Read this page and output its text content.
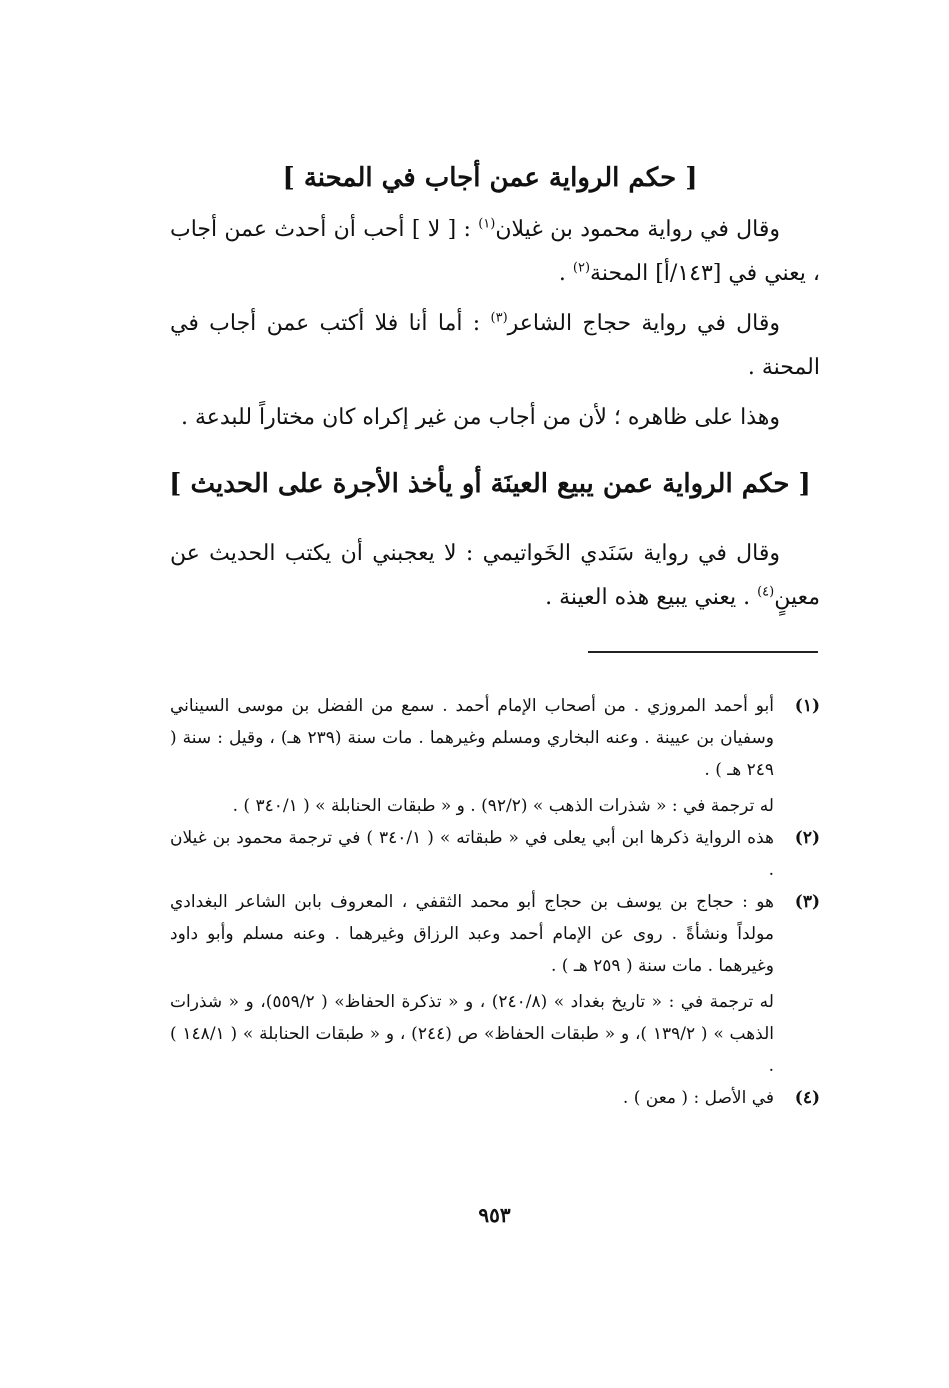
[ حكم الرواية عمن أجاب في المحنة ]
وقال في رواية محمود بن غيلان$^{(١)}$ : [ لا ] أحب أن أحدث عمن أجاب ، يعني في [١٤٣/أ] المحنة$^{(٢)}$ .
وقال في رواية حجاج الشاعر$^{(٣)}$ : أما أنا فلا أكتب عمن أجاب في المحنة .
وهذا على ظاهره ؛ لأن من أجاب من غير إكراه كان مختاراً للبدعة .
[ حكم الرواية عمن يبيع العينَة أو يأخذ الأجرة على الحديث ]
وقال في رواية سَنَدي الخَواتيمي : لا يعجبني أن يكتب الحديث عن معينٍ$^{(٤)}$ . يعني يبيع هذه العينة .
(١)

أبو أحمد المروزي . من أصحاب الإمام أحمد . سمع من الفضل بن موسى السيناني وسفيان بن عيينة . وعنه البخاري ومسلم وغيرهما . مات سنة (٢٣٩ هـ) ، وقيل : سنة ( ٢٤٩ هـ ) .

له ترجمة في : « شذرات الذهب » (٩٢/٢) . و « طبقات الحنابلة » ( ٣٤٠/١ ) .

(٢)

هذه الرواية ذكرها ابن أبي يعلى في « طبقاته » ( ٣٤٠/١ ) في ترجمة محمود بن غيلان .

(٣)

هو : حجاج بن يوسف بن حجاج أبو محمد الثقفي ، المعروف بابن الشاعر البغدادي مولداً ونشأةً . روى عن الإمام أحمد وعبد الرزاق وغيرهما . وعنه مسلم وأبو داود وغيرهما . مات سنة ( ٢٥٩ هـ ) .

له ترجمة في : « تاريخ بغداد » (٢٤٠/٨) ، و « تذكرة الحفاظ» ( ٥٥٩/٢)، و « شذرات الذهب » ( ١٣٩/٢ )، و « طبقات الحفاظ» ص (٢٤٤) ، و « طبقات الحنابلة » ( ١٤٨/١ ) .

(٤)

في الأصل : ( معن ) .

٩٥٣
